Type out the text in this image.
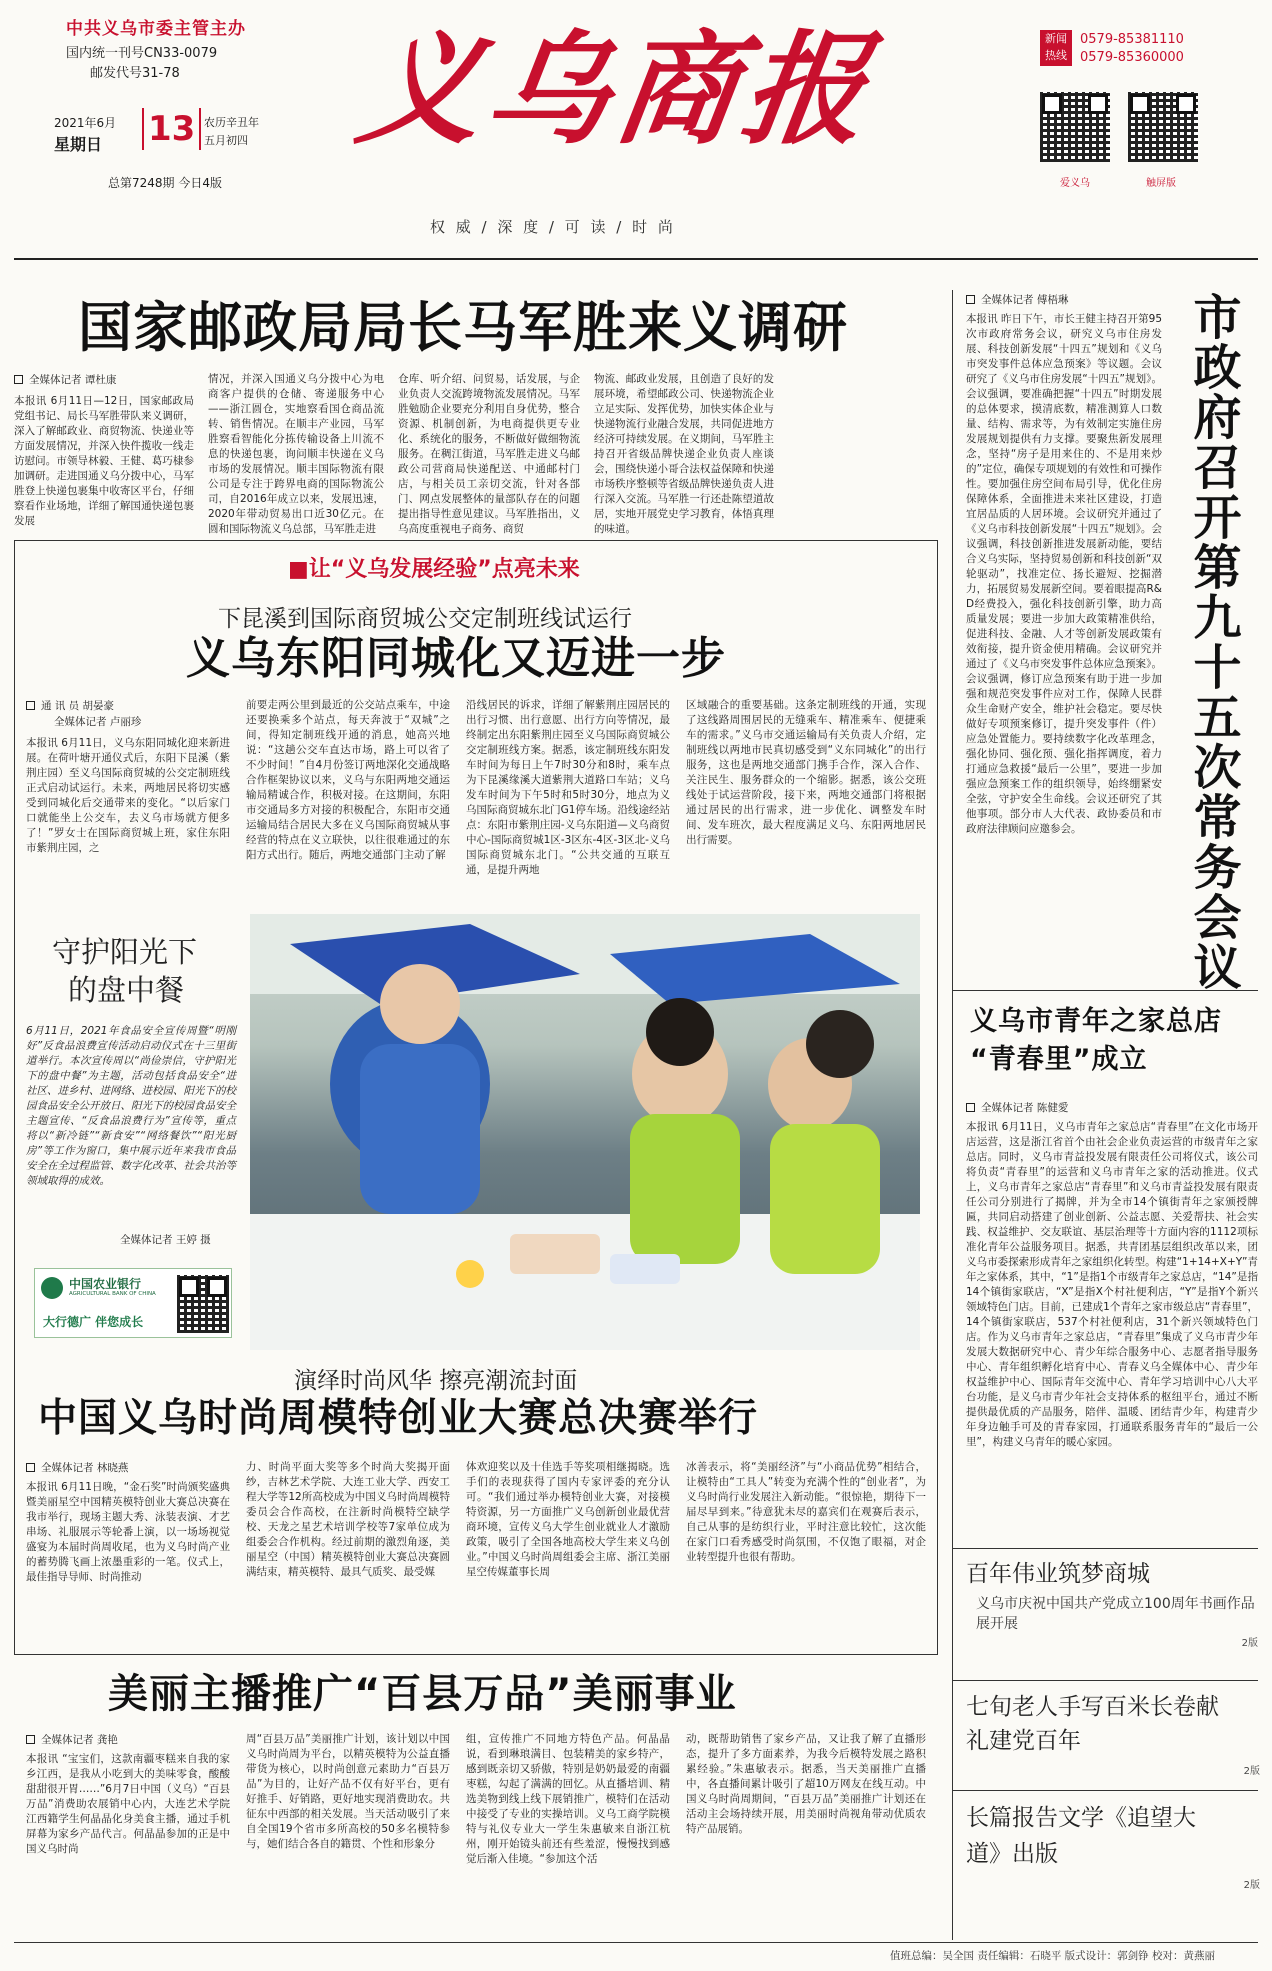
中共义乌市委主管主办
国内统一刊号CN33-0079
邮发代号31-78
2021年6月
星期日 13 农历辛丑年
五月初四
总第7248期 今日4版
义乌商报
权 威 / 深 度 / 可 读 / 时 尚
新闻
热线
0579-85381110
0579-85360000
爱义乌	触屏版
国家邮政局局长马军胜来义调研
全媒体记者 谭杜康
本报讯 6月11日—12日，国家邮政局党组书记、局长马军胜带队来义调研，深入了解邮政业、商贸物流、快递业等方面发展情况，并深入快件揽收一线走访慰问。市领导林毅、王健、葛巧棣参加调研。走进国通义乌分拨中心，马军胜登上快递包裹集中收寄区平台，仔细察看作业场地，详细了解国通快递包裹发展
情况，并深入国通义乌分拨中心为电商客户提供的仓储、寄递服务中心——浙江圆仓，实地察看国仓商品流转、销售情况。在顺丰产业园，马军胜察看智能化分拣传输设备上川流不息的快递包裹，询问顺丰快递在义乌市场的发展情况。顺丰国际物流有限公司是专注于跨界电商的国际物流公司，自2016年成立以来，发展迅速，2020年带动贸易出口近30亿元。在圆和国际物流义乌总部，马军胜走进
仓库、听介绍、问贸易，话发展，与企业负责人交流跨境物流发展情况。马军胜勉励企业要充分利用自身优势，整合资源、机制创新，为电商提供更专业化、系统化的服务，不断做好做细物流服务。在稠江街道，马军胜走进义乌邮政公司营商局快递配送、中通邮村门店，与相关员工亲切交流，针对各部门、网点发展整体的量部队存在的问题提出指导性意见建议。马军胜指出，义乌高度重视电子商务、商贸
物流、邮政业发展，且创造了良好的发展环境，希望邮政公司、快递物流企业立足实际、发挥优势，加快实体企业与快递物流行业融合发展，共同促进地方经济可持续发展。在义期间，马军胜主持召开省级品牌快递企业负责人座谈会，围绕快递小哥合法权益保障和快递市场秩序整顿等省级品牌快递负责人进行深入交流。马军胜一行还赴陈望道故居，实地开展党史学习教育，体悟真理的味道。
全媒体记者 傅梧琳
本报讯 昨日下午，市长王健主持召开第95次市政府常务会议，研究义乌市住房发展、科技创新发展“十四五”规划和《义乌市突发事件总体应急预案》等议题。会议研究了《义乌市住房发展“十四五”规划》。会议强调，要准确把握“十四五”时期发展的总体要求，摸清底数，精准测算人口数量、结构、需求等，为有效制定实施住房发展规划提供有力支撑。要聚焦新发展理念，坚持“房子是用来住的、不是用来炒的”定位，确保专项规划的有效性和可操作性。要加强住房空间布局引导，优化住房保障体系，全面推进未来社区建设，打造宜居品质的人居环境。会议研究并通过了《义乌市科技创新发展“十四五”规划》。会议强调，科技创新推进发展新动能，要结合义乌实际，坚持贸易创新和科技创新“双轮驱动”，找准定位、扬长避短、挖掘潜力，拓展贸易发展新空间。要着眼提高R&D经费投入，强化科技创新引擎，助力高质量发展；要进一步加大政策精准供给，促进科技、金融、人才等创新发展政策有效衔接，提升资金使用精确。会议研究并通过了《义乌市突发事件总体应急预案》。会议强调，修订应急预案有助于进一步加强和规范突发事件应对工作，保障人民群众生命财产安全，维护社会稳定。要尽快做好专项预案修订，提升突发事件（件）应急处置能力。要持续数字化改革理念，强化协同、强化预、强化指挥调度，着力打通应急救援“最后一公里”，要进一步加强应急预案工作的组织领导，始终绷紧安全弦，守护安全生命线。会议还研究了其他事项。部分市人大代表、政协委员和市政府法律顾问应邀参会。	市政府召开第九十五次常务会议
■让“义乌发展经验”点亮未来
下昆溪到国际商贸城公交定制班线试运行
义乌东阳同城化又迈进一步
通 讯 员 胡晏豪
全媒体记者 卢丽珍
本报讯 6月11日，义乌东阳同城化迎来新进展。在荷叶塘开通仪式后，东阳下昆溪（紫荆庄园）至义乌国际商贸城的公交定制班线正式启动试运行。未来，两地居民将切实感受到同城化后交通带来的变化。“以后家门口就能坐上公交车，去义乌市场就方便多了！”罗女士在国际商贸城上班，家住东阳市紫荆庄园，之
前要走两公里到最近的公交站点乘车，中途还要换乘多个站点，每天奔波于“双城”之间，得知定制班线开通的消息，她高兴地说：“这趟公交车直达市场，路上可以省了不少时间！”自4月份签订两地深化交通战略合作框架协议以来，义乌与东阳两地交通运输局精诚合作，积极对接。在这期间，东阳市交通局多方对接的积极配合，东阳市交通运输局结合居民大多在义乌国际商贸城从事经营的特点在义立联快，以往很难通过的东阳方式出行。随后，两地交通部门主动了解
沿线居民的诉求，详细了解紫荆庄园居民的出行习惯、出行意愿、出行方向等情况，最终制定出东阳紫荆庄园至义乌国际商贸城公交定制班线方案。据悉，该定制班线东阳发车时间为每日上午7时30分和8时，乘车点为下昆溪缘溪大道紫荆大道路口车站；义乌发车时间为下午5时和5时30分，地点为义乌国际商贸城东北门G1停车场。沿线途经站点：东阳市紫荆庄园-义乌东阳道—义乌商贸中心-国际商贸城1区-3区东-4区-3区北-义乌国际商贸城东北门。“公共交通的互联互通，是提升两地
区域融合的重要基础。这条定制班线的开通，实现了这线路周围居民的无缝乘车、精准乘车、便捷乘车的需求。”义乌市交通运输局有关负责人介绍，定制班线以两地市民真切感受到“义东同城化”的出行服务，这也是两地交通部门携手合作，深入合作、关注民生、服务群众的一个缩影。据悉，该公交班线处于试运营阶段，接下来，两地交通部门将根据通过居民的出行需求，进一步优化、调整发车时间、发车班次，最大程度满足义乌、东阳两地居民出行需要。
守护阳光下
的盘中餐
6月11日，2021年食品安全宣传周暨“明刚好”反食品浪费宣传活动启动仪式在十三里街道举行。本次宣传周以“尚俭崇信，守护阳光下的盘中餐”为主题，活动包括食品安全“进社区、进乡村、进网络、进校园、阳光下的校园食品安全公开放日、阳光下的校园食品安全主题宣传、“反食品浪费行为”宣传等，重点将以“新冷链”“新食安”“网络餐饮”“阳光厨房”等工作为窗口，集中展示近年来我市食品安全在全过程监管、数字化改革、社会共治等领域取得的成效。
全媒体记者 王婷 摄
中国农业银行
AGRICULTURAL BANK OF CHINA
大行德广 伴您成长
演绎时尚风华 擦亮潮流封面
中国义乌时尚周模特创业大赛总决赛举行
全媒体记者 林晓燕
本报讯 6月11日晚，“金石奖”时尚颁奖盛典暨美丽星空中国精英模特创业大赛总决赛在我市举行，现场主题大秀、泳装表演、才艺串场、礼服展示等轮番上演，以一场场视觉盛宴为本届时尚周收尾，也为义乌时尚产业的蓄势腾飞画上浓墨重彩的一笔。仪式上，最佳指导导师、时尚推动
力、时尚平面大奖等多个时尚大奖揭开面纱，吉林艺术学院、大连工业大学、西安工程大学等12所高校成为中国义乌时尚周模特委员会合作高校，在注新时尚模特空缺学校、天龙之星艺术培训学校等7家单位成为组委会合作机构。经过前期的激烈角逐，美丽星空（中国）精英模特创业大赛总决赛圆满结束，精英模特、最具气质奖、最受媒
体欢迎奖以及十佳选手等奖项相继揭晓。选手们的表现获得了国内专家评委的充分认可。“我们通过举办模特创业大赛，对接模特资源，另一方面推广义乌创新创业最优营商环境，宣传义乌大学生创业就业人才激励政策，吸引了全国各地高校大学生来义乌创业。”中国义乌时尚周组委会主席、浙江美丽星空传媒董事长周
冰善表示，将“美丽经济”与“小商品优势”相结合，让模特由“工具人”转变为充满个性的“创业者”，为义乌时尚行业发展注入新动能。“很惊艳，期待下一届尽早到来。”待意犹未尽的嘉宾们在观赛后表示，自己从事的是纺织行业，平时注意比较忙，这次能在家门口看秀感受时尚氛围，不仅饱了眼福，对企业转型提升也很有帮助。
美丽主播推广“百县万品”美丽事业
全媒体记者 龚艳
本报讯 “宝宝们，这款南疆枣糕来自我的家乡江西，是我从小吃到大的美味零食，酸酸甜甜很开胃……”6月7日中国（义乌）“百县万品”消费助农展销中心内，大连艺术学院江西籍学生何晶晶化身美食主播，通过手机屏幕为家乡产品代言。何晶晶参加的正是中国义乌时尚
周“百县万品”美丽推广计划，该计划以中国义乌时尚周为平台，以精英模特为公益直播带货为核心，以时尚创意元素助力“百县万品”为目的，让好产品不仅有好平台，更有好推手、好销路，更好地实现消费助农。共征东中西部的相关发展。当天活动吸引了来自全国19个省市多所高校的50多名模特参与，她们结合各自的籍贯、个性和形象分
组，宣传推广不同地方特色产品。何晶晶说，看到琳琅满目、包装精美的家乡特产，感到既亲切又骄傲，特别是奶奶最爱的南疆枣糕，勾起了满满的回忆。从直播培训、精选美物到线上线下展销推广，模特们在活动中接受了专业的实操培训。义乌工商学院模特与礼仪专业大一学生朱惠敏来自浙江杭州，刚开始镜头前还有些羞涩，慢慢找到感觉后渐入佳境。“参加这个活
动，既帮助销售了家乡产品，又让我了解了直播形态，提升了多方面素养，为我今后模特发展之路积累经验。”朱惠敏表示。据悉，当天美丽推广直播中，各直播间累计吸引了超10万网友在线互动。中国义乌时尚周期间，“百县万品”美丽推广计划还在活动主会场持续开展，用美丽时尚视角带动优质农特产品展销。
义乌市青年之家总店
“青春里”成立
全媒体记者 陈健愛
本报讯 6月11日，义乌市青年之家总店“青春里”在文化市场开店运营，这是浙江省首个由社会企业负责运营的市级青年之家总店。同时，义乌市青益投发展有限责任公司将仪式，该公司将负责“青春里”的运营和义乌市青年之家的活动推进。仪式上，义乌市青年之家总店“青春里”和义乌市青益投发展有限责任公司分别进行了揭牌，并为全市14个镇街青年之家颁授牌匾，共同启动搭建了创业创新、公益志愿、关爱帮扶、社会实践、权益维护、交友联谊、基层治理等十方面内容的1112项标准化青年公益服务项目。据悉，共青团基层组织改革以来，团义乌市委探索形成青年之家组织化转型。构建“1+14+X+Y”青年之家体系，其中，“1”是指1个市级青年之家总店，“14”是指14个镇街家联店，“X”是指X个村社便利店，“Y”是指Y个新兴领域特色门店。目前，已建成1个青年之家市级总店“青春里”，14个镇街家联店，537个村社便利店，31个新兴领域特色门店。作为义乌市青年之家总店，“青春里”集成了义乌市青少年发展大数据研究中心、青少年综合服务中心、志愿者指导服务中心、青年组织孵化培育中心、青春义乌全媒体中心、青少年权益维护中心、国际青年交流中心、青年学习培训中心八大平台功能，是义乌市青少年社会支持体系的枢纽平台，通过不断提供最优质的产品服务，陪伴、温暖、团结青少年，构建青少年身边触手可及的青春家园，打通联系服务青年的“最后一公里”，构建义乌青年的暖心家园。
百年伟业筑梦商城
义乌市庆祝中国共产党成立100周年书画作品展开展
2版
七旬老人手写百米长卷献礼建党百年
2版
长篇报告文学《追望大道》出版
2版
值班总编：吴全国 责任编辑：石晓平 版式设计：郭剑铮 校对：黄燕丽
